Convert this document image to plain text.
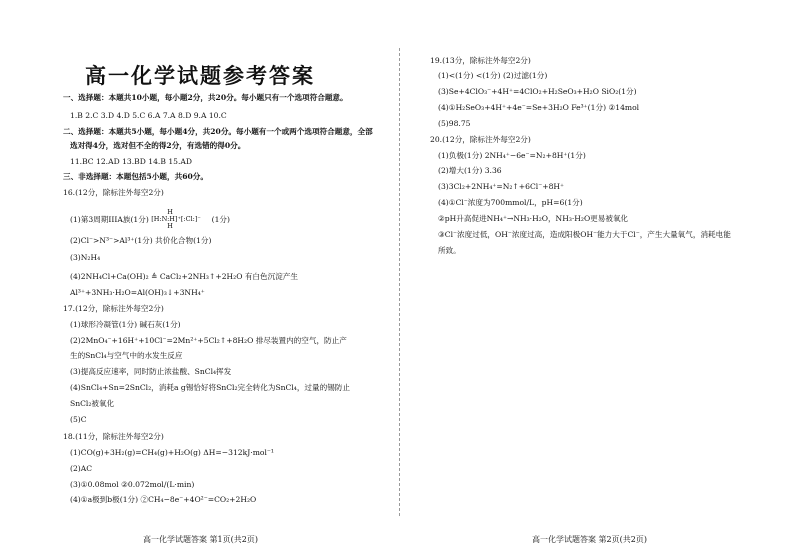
高一化学试题参考答案
一、选择题：本题共10小题，每小题2分，共20分。每小题只有一个选项符合题意。
1.B 2.C 3.D 4.D 5.C 6.A 7.A 8.D 9.A 10.C
二、选择题：本题共5小题，每小题4分，共20分。每小题有一个或两个选项符合题意，全部
选对得4分，选对但不全的得2分，有选错的得0分。
11.BC 12.AD 13.BD 14.B 15.AD
三、非选择题：本题包括5小题，共60分。
16.(12分，除标注外每空2分)
(1)第3周期IIIA族(1分) [H:N:H]⁺[:Cl:]⁻
H
H
(1分)
(2)Cl⁻>N³⁻>Al³⁺(1分) 共价化合物(1分)
(3)N₂H₄
(4)2NH₄Cl+Ca(OH)₂ ≜ CaCl₂+2NH₃↑+2H₂O 有白色沉淀产生
Al³⁺+3NH₃·H₂O=Al(OH)₃↓+3NH₄⁺
17.(12分，除标注外每空2分)
(1)球形冷凝管(1分) 碱石灰(1分)
(2)2MnO₄⁻+16H⁺+10Cl⁻=2Mn²⁺+5Cl₂↑+8H₂O 排尽装置内的空气，防止产
生的SnCl₄与空气中的水发生反应
(3)提高反应速率，同时防止浓盐酸、SnCl₄挥发
(4)SnCl₄+Sn=2SnCl₂，消耗a g锡恰好将SnCl₂完全转化为SnCl₄，过量的锡防止
SnCl₂被氧化
(5)C
18.(11分，除标注外每空2分)
(1)CO(g)+3H₂(g)=CH₄(g)+H₂O(g) ΔH=−312kJ·mol⁻¹
(2)AC
(3)①0.08mol ②0.072mol/(L·min)
(4)①a极到b极(1分) ②CH₄−8e⁻+4O²⁻=CO₂+2H₂O
高一化学试题答案 第1页(共2页)
19.(13分，除标注外每空2分)
(1)<(1分) <(1分) (2)过滤(1分)
(3)Se+4ClO₃⁻+4H⁺=4ClO₂+H₂SeO₃+H₂O SiO₂(1分)
(4)①H₂SeO₃+4H⁺+4e⁻=Se+3H₂O Fe³⁺(1分) ②14mol
(5)98.75
20.(12分，除标注外每空2分)
(1)负极(1分) 2NH₄⁺−6e⁻=N₂+8H⁺(1分)
(2)增大(1分) 3.36
(3)3Cl₂+2NH₄⁺=N₂↑+6Cl⁻+8H⁺
(4)①Cl⁻浓度为700mmol/L，pH=6(1分)
②pH升高促进NH₄⁺→NH₃·H₂O，NH₃·H₂O更易被氧化
③Cl⁻浓度过低，OH⁻浓度过高，造成阳极OH⁻能力大于Cl⁻，产生大量氧气，消耗电能
所致。
高一化学试题答案 第2页(共2页)
